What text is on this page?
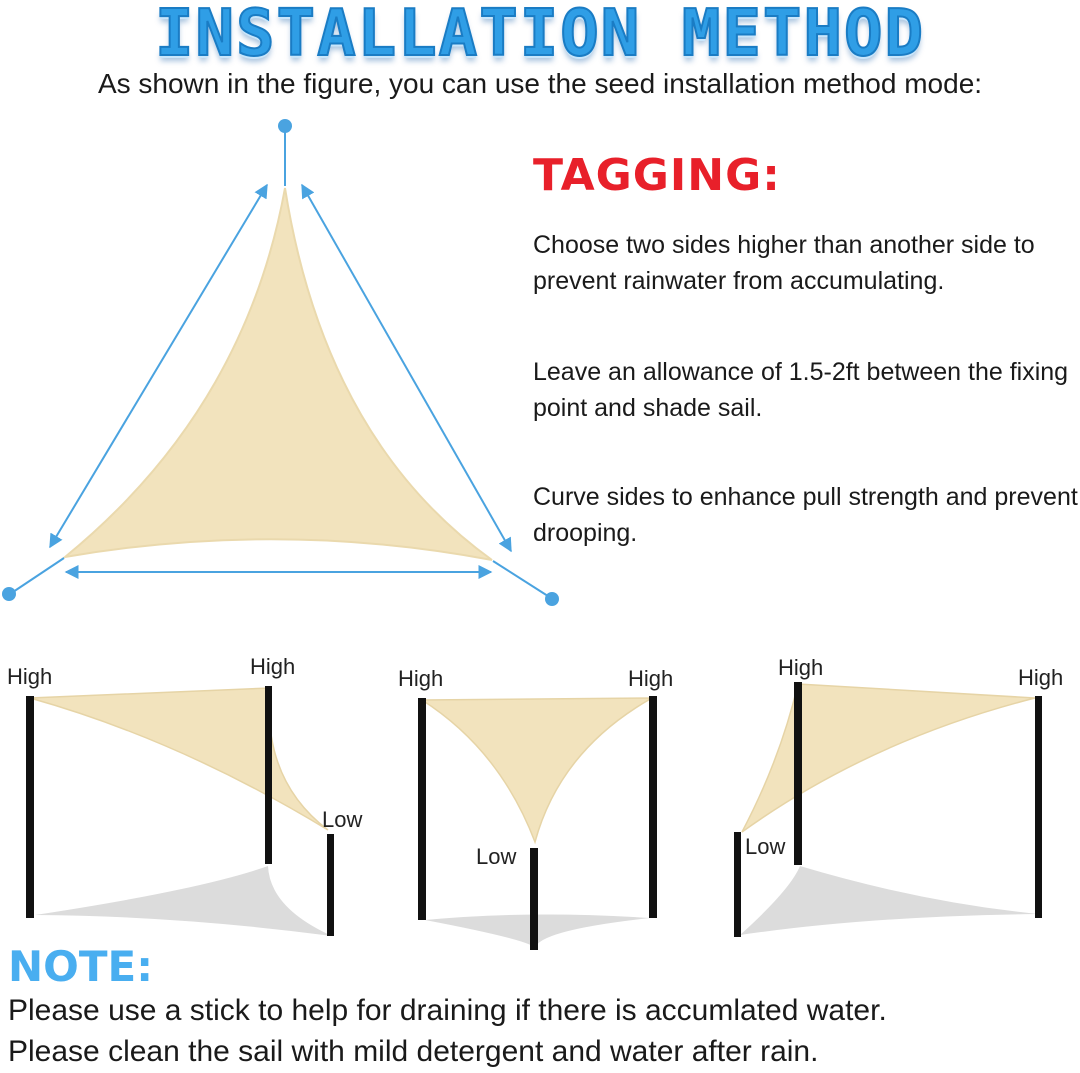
INSTALLATION METHOD
As shown in the figure, you can use the seed installation method mode:
TAGGING:
Choose two sides higher than another side to prevent rainwater from accumulating.
Leave an allowance of 1.5-2ft between the fixing point and shade sail.
Curve sides to enhance pull strength and prevent drooping.
High	High
Low
High	High
Low
High	High
Low
NOTE:
Please use a stick to help for draining if there is accumlated water.
Please clean the sail with mild detergent and water after rain.
